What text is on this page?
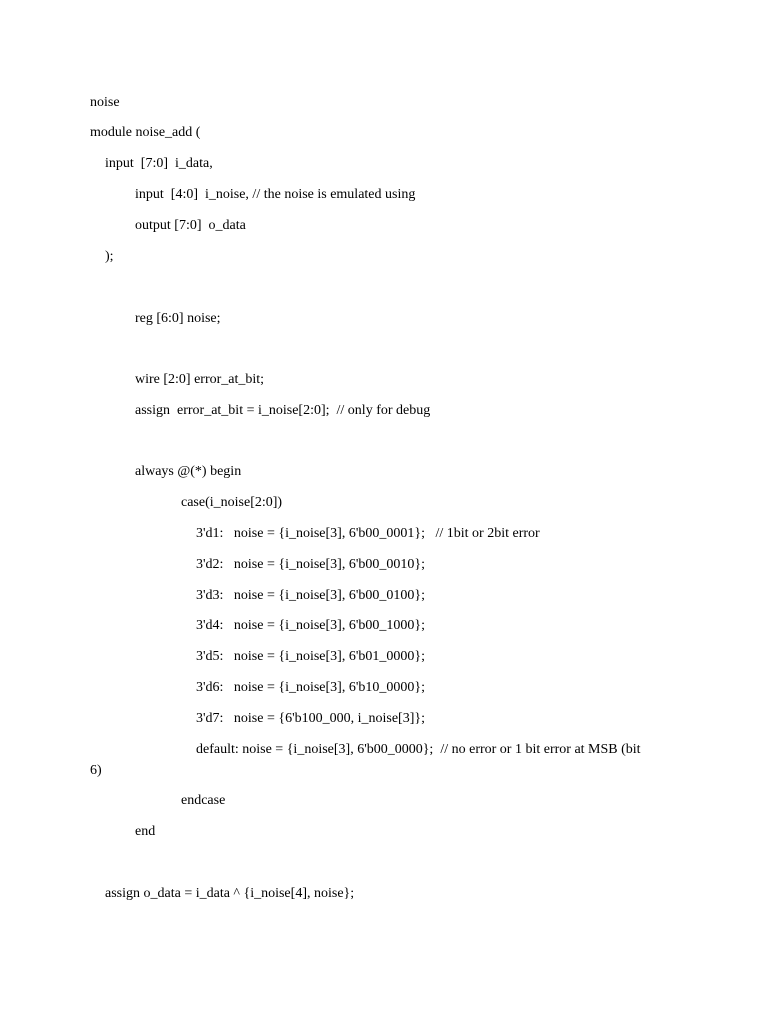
noise
module noise_add (
input  [7:0]  i_data,
input  [4:0]  i_noise, // the noise is emulated using
output [7:0]  o_data
);
reg [6:0] noise;
wire [2:0] error_at_bit;
assign  error_at_bit = i_noise[2:0];  // only for debug
always @(*) begin
case(i_noise[2:0])
3'd1:   noise = {i_noise[3], 6'b00_0001};   // 1bit or 2bit error
3'd2:   noise = {i_noise[3], 6'b00_0010};
3'd3:   noise = {i_noise[3], 6'b00_0100};
3'd4:   noise = {i_noise[3], 6'b00_1000};
3'd5:   noise = {i_noise[3], 6'b01_0000};
3'd6:   noise = {i_noise[3], 6'b10_0000};
3'd7:   noise = {6'b100_000, i_noise[3]};
default: noise = {i_noise[3], 6'b00_0000};  // no error or 1 bit error at MSB (bit
6)
endcase
end
assign o_data = i_data ^ {i_noise[4], noise};
